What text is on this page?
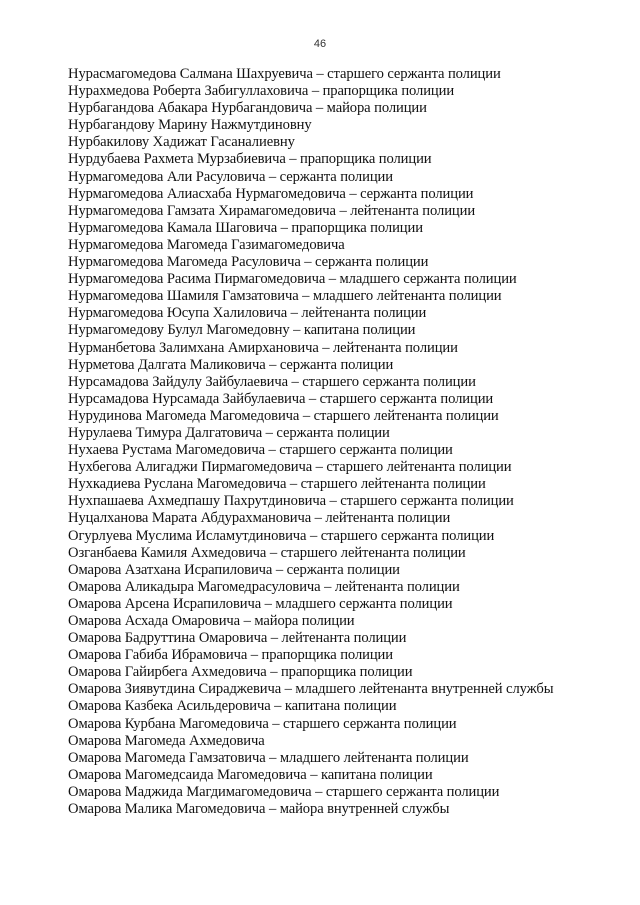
46
Нурасмагомедова Салмана Шахруевича – старшего сержанта полиции
Нурахмедова Роберта Забигуллаховича – прапорщика полиции
Нурбагандова Абакара Нурбагандовича – майора полиции
Нурбагандову Марину Нажмутдиновну
Нурбакилову Хадижат Гасаналиевну
Нурдубаева Рахмета Мурзабиевича – прапорщика полиции
Нурмагомедова Али Расуловича – сержанта полиции
Нурмагомедова Алиасхаба Нурмагомедовича – сержанта полиции
Нурмагомедова Гамзата Хирамагомедовича – лейтенанта полиции
Нурмагомедова Камала Шаговича – прапорщика полиции
Нурмагомедова Магомеда Газимагомедовича
Нурмагомедова Магомеда Расуловича – сержанта полиции
Нурмагомедова Расима Пирмагомедовича – младшего сержанта полиции
Нурмагомедова Шамиля Гамзатовича – младшего лейтенанта полиции
Нурмагомедова Юсупа Халиловича – лейтенанта полиции
Нурмагомедову Булул Магомедовну – капитана полиции
Нурманбетова Залимхана Амирхановича – лейтенанта полиции
Нурметова Далгата Маликовича – сержанта полиции
Нурсамадова Зайдулу Зайбулаевича – старшего сержанта полиции
Нурсамадова Нурсамада Зайбулаевича – старшего сержанта полиции
Нурудинова Магомеда Магомедовича – старшего лейтенанта полиции
Нурулаева Тимура Далгатовича – сержанта полиции
Нухаева Рустама Магомедовича – старшего сержанта полиции
Нухбегова Алигаджи Пирмагомедовича – старшего лейтенанта полиции
Нухкадиева Руслана Магомедовича – старшего лейтенанта полиции
Нухпашаева Ахмедпашу Пахрутдиновича – старшего сержанта полиции
Нуцалханова Марата Абдурахмановича – лейтенанта полиции
Огурлуева Муслима Исламутдиновича – старшего сержанта полиции
Озганбаева Камиля Ахмедовича – старшего лейтенанта полиции
Омарова Азатхана Исрапиловича – сержанта полиции
Омарова Аликадыра Магомедрасуловича – лейтенанта полиции
Омарова Арсена Исрапиловича – младшего сержанта полиции
Омарова Асхада Омаровича – майора полиции
Омарова Бадруттина Омаровича – лейтенанта полиции
Омарова Габиба Ибрамовича – прапорщика полиции
Омарова Гайирбега Ахмедовича – прапорщика полиции
Омарова Зиявутдина Сираджевича – младшего лейтенанта внутренней службы
Омарова Казбека Асильдеровича – капитана полиции
Омарова Курбана Магомедовича – старшего сержанта полиции
Омарова Магомеда Ахмедовича
Омарова Магомеда Гамзатовича – младшего лейтенанта полиции
Омарова Магомедсаида Магомедовича – капитана полиции
Омарова Маджида Магдимагомедовича – старшего сержанта полиции
Омарова Малика Магомедовича – майора внутренней службы
